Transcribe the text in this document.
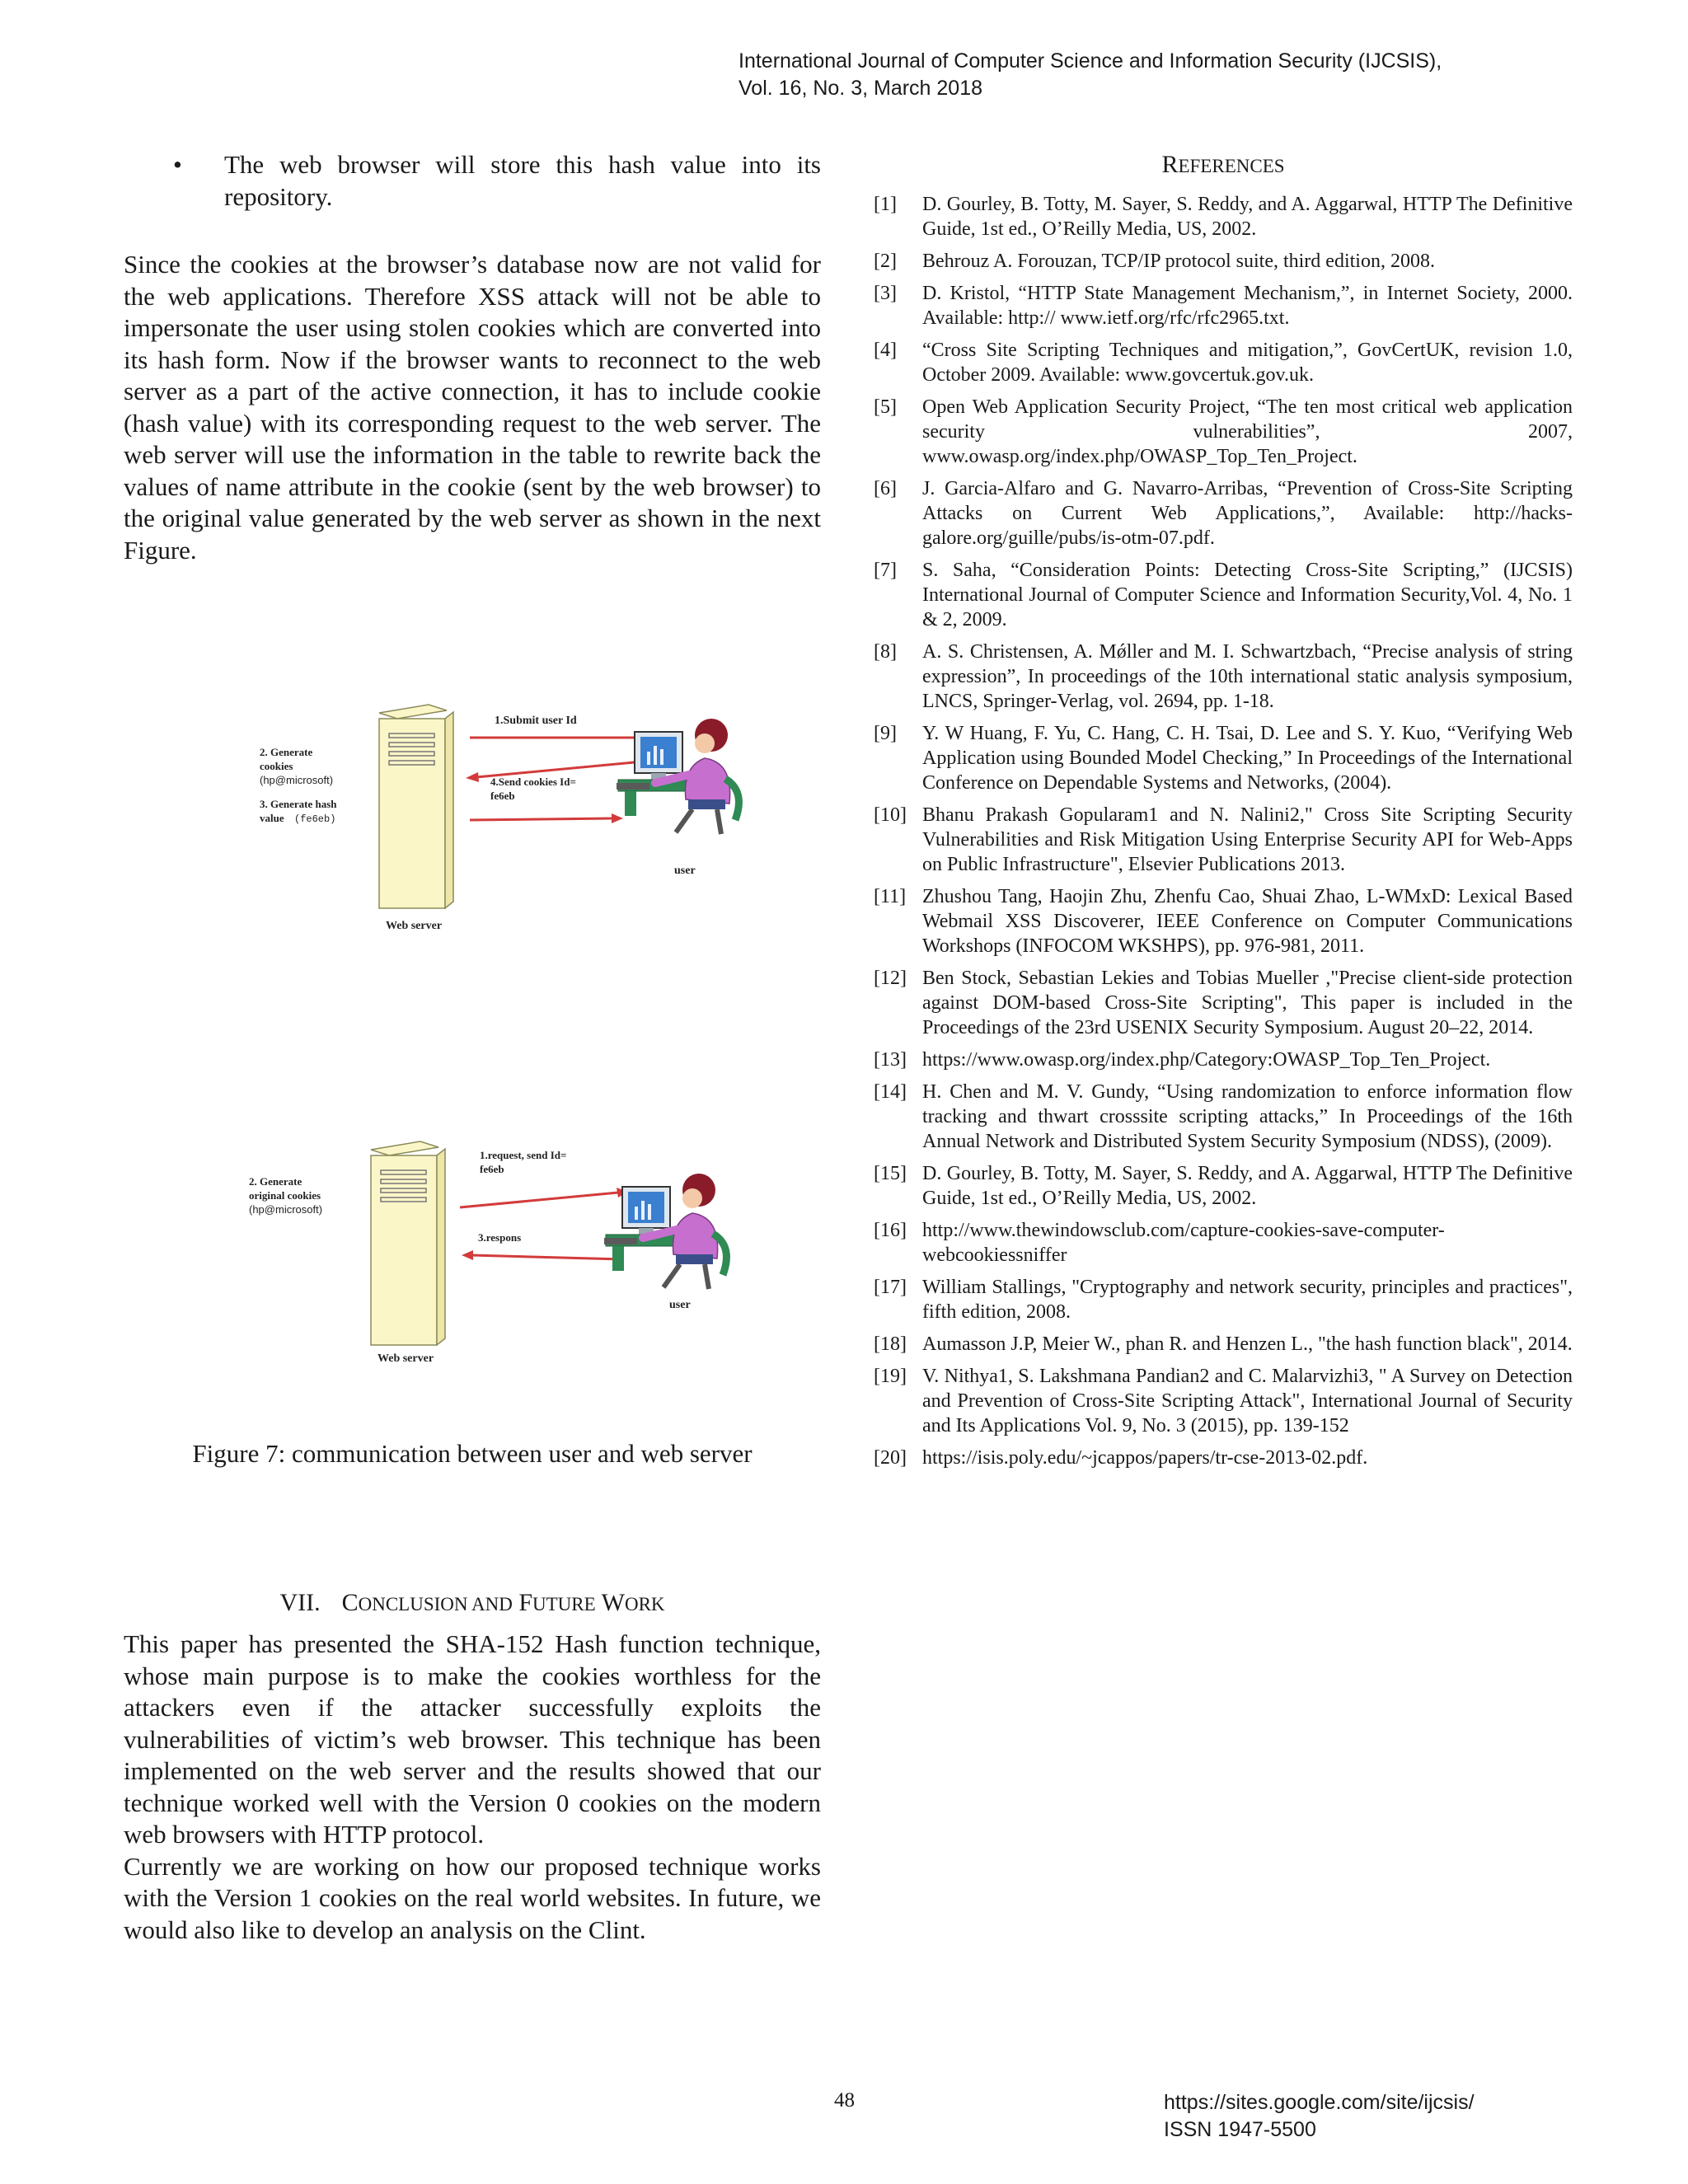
International Journal of Computer Science and Information Security (IJCSIS),
Vol. 16, No. 3, March 2018
• The web browser will store this hash value into its repository.

Since the cookies at the browser’s database now are not valid for the web applications. Therefore XSS attack will not be able to impersonate the user using stolen cookies which are converted into its hash form. Now if the browser wants to reconnect to the web server as a part of the active connection, it has to include cookie (hash value) with its corresponding request to the web server. The web server will use the information in the table to rewrite back the values of name attribute in the cookie (sent by the web browser) to the original value generated by the web server as shown in the next Figure.

1.Submit user Id
2. Generate
cookies
(hp@microsoft)
3. Generate hash
value (fe6eb)
4.Send cookies Id=
fe6eb
user
Web server
1.request, send Id=
fe6eb
2. Generate
original cookies
(hp@microsoft)
3.respons
user
Web server
Figure 7: communication between user and web server
VII. CONCLUSION AND FUTURE WORK

This paper has presented the SHA-152 Hash function technique, whose main purpose is to make the cookies worthless for the attackers even if the attacker successfully exploits the vulnerabilities of victim’s web browser. This technique has been implemented on the web server and the results showed that our technique worked well with the Version 0 cookies on the modern web browsers with HTTP protocol.

Currently we are working on how our proposed technique works with the Version 1 cookies on the real world websites. In future, we would also like to develop an analysis on the Clint.

REFERENCES
[1]	D. Gourley, B. Totty, M. Sayer, S. Reddy, and A. Aggarwal, HTTP The Definitive Guide, 1st ed., O’Reilly Media, US, 2002.
[2]	Behrouz A. Forouzan, TCP/IP protocol suite, third edition, 2008.
[3]	D. Kristol, “HTTP State Management Mechanism,”, in Internet Society, 2000. Available: http:// www.ietf.org/rfc/rfc2965.txt.
[4]	“Cross Site Scripting Techniques and mitigation,”, GovCertUK, revision 1.0, October 2009. Available: www.govcertuk.gov.uk.
[5]	Open Web Application Security Project, “The ten most critical web application security vulnerabilities”, 2007, www.owasp.org/index.php/OWASP_Top_Ten_Project.
[6]	J. Garcia-Alfaro and G. Navarro-Arribas, “Prevention of Cross-Site Scripting Attacks on Current Web Applications,”, Available: http://hacks-galore.org/guille/pubs/is-otm-07.pdf.
[7]	S. Saha, “Consideration Points: Detecting Cross-Site Scripting,” (IJCSIS) International Journal of Computer Science and Information Security,Vol. 4, No. 1 & 2, 2009.
[8]	A. S. Christensen, A. Mǿller and M. I. Schwartzbach, “Precise analysis of string expression”, In proceedings of the 10th international static analysis symposium, LNCS, Springer-Verlag, vol. 2694, pp. 1-18.
[9]	Y. W Huang, F. Yu, C. Hang, C. H. Tsai, D. Lee and S. Y. Kuo, “Verifying Web Application using Bounded Model Checking,” In Proceedings of the International Conference on Dependable Systems and Networks, (2004).
[10] Bhanu Prakash Gopularam1 and N. Nalini2," Cross Site Scripting Security Vulnerabilities and Risk Mitigation Using Enterprise Security API for Web-Apps on Public Infrastructure", Elsevier Publications 2013.
[11] Zhushou Tang, Haojin Zhu, Zhenfu Cao, Shuai Zhao, L-WMxD: Lexical Based Webmail XSS Discoverer, IEEE Conference on Computer Communications Workshops (INFOCOM WKSHPS), pp. 976-981, 2011.
[12] Ben Stock, Sebastian Lekies and Tobias Mueller ,"Precise client-side protection against DOM-based Cross-Site Scripting", This paper is included in the Proceedings of the 23rd USENIX Security Symposium. August 20–22, 2014.
[13] https://www.owasp.org/index.php/Category:OWASP_Top_Ten_Project.
[14] H. Chen and M. V. Gundy, “Using randomization to enforce information flow tracking and thwart crosssite scripting attacks,” In Proceedings of the 16th Annual Network and Distributed System Security Symposium (NDSS), (2009).
[15] D. Gourley, B. Totty, M. Sayer, S. Reddy, and A. Aggarwal, HTTP The Definitive Guide, 1st ed., O’Reilly Media, US, 2002.
[16] http://www.thewindowsclub.com/capture-cookies-save-computer-webcookiessniffer
[17] William Stallings, "Cryptography and network security, principles and practices", fifth edition, 2008.
[18] Aumasson J.P, Meier W., phan R. and Henzen L., "the hash function black", 2014.
[19] V. Nithya1, S. Lakshmana Pandian2 and C. Malarvizhi3, " A Survey on Detection and Prevention of Cross-Site Scripting Attack", International Journal of Security and Its Applications Vol. 9, No. 3 (2015), pp. 139-152
[20] https://isis.poly.edu/~jcappos/papers/tr-cse-2013-02.pdf.
48	https://sites.google.com/site/ijcsis/
ISSN 1947-5500
